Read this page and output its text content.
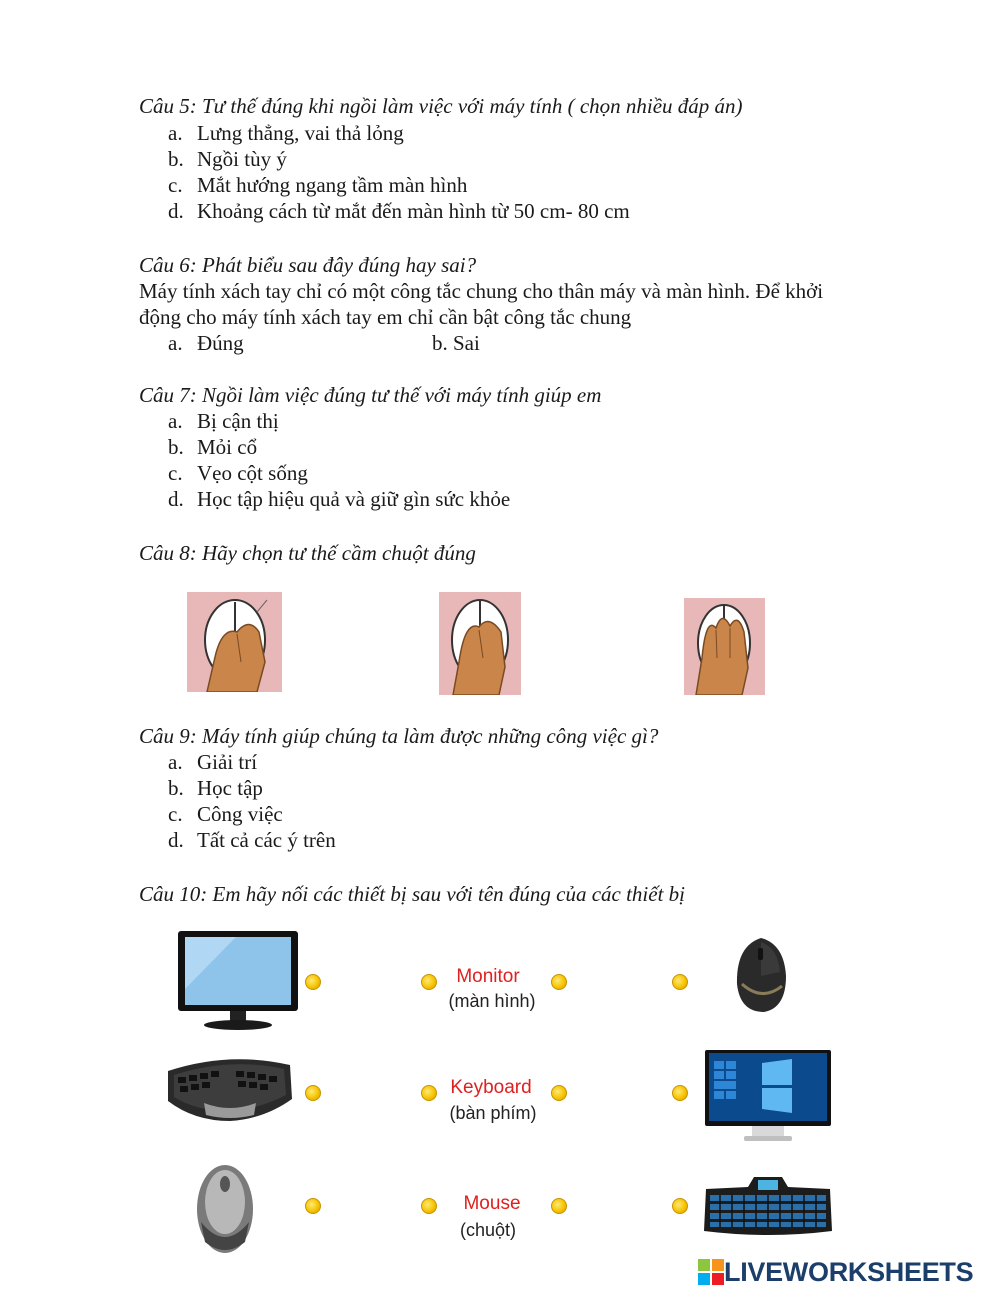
Câu 5: Tư thế đúng khi ngồi làm việc với máy tính ( chọn nhiều đáp án)
a. Lưng thẳng, vai thả lỏng
b. Ngồi tùy ý
c. Mắt hướng ngang tầm màn hình
d. Khoảng cách từ mắt đến màn hình từ 50 cm- 80 cm
Câu 6: Phát biểu sau đây đúng hay sai?
Máy tính xách tay chỉ có một công tắc chung cho thân máy và màn hình. Để khởi
động cho máy tính xách tay em chỉ cần bật công tắc chung
a. Đúng	b. Sai
Câu 7: Ngồi làm việc đúng tư thế với máy tính giúp em
a. Bị cận thị
b. Mỏi cổ
c. Vẹo cột sống
d. Học tập hiệu quả và giữ gìn sức khỏe
Câu 8: Hãy chọn tư thế cầm chuột đúng
Câu 9: Máy tính giúp chúng ta làm được những công việc gì?
a. Giải trí
b. Học tập
c. Công việc
d. Tất cả các ý trên
Câu 10: Em hãy nối các thiết bị sau với tên đúng của các thiết bị
Monitor
(màn hình)
Keyboard
(bàn phím)
Mouse
(chuột)
LIVEWORKSHEETS
